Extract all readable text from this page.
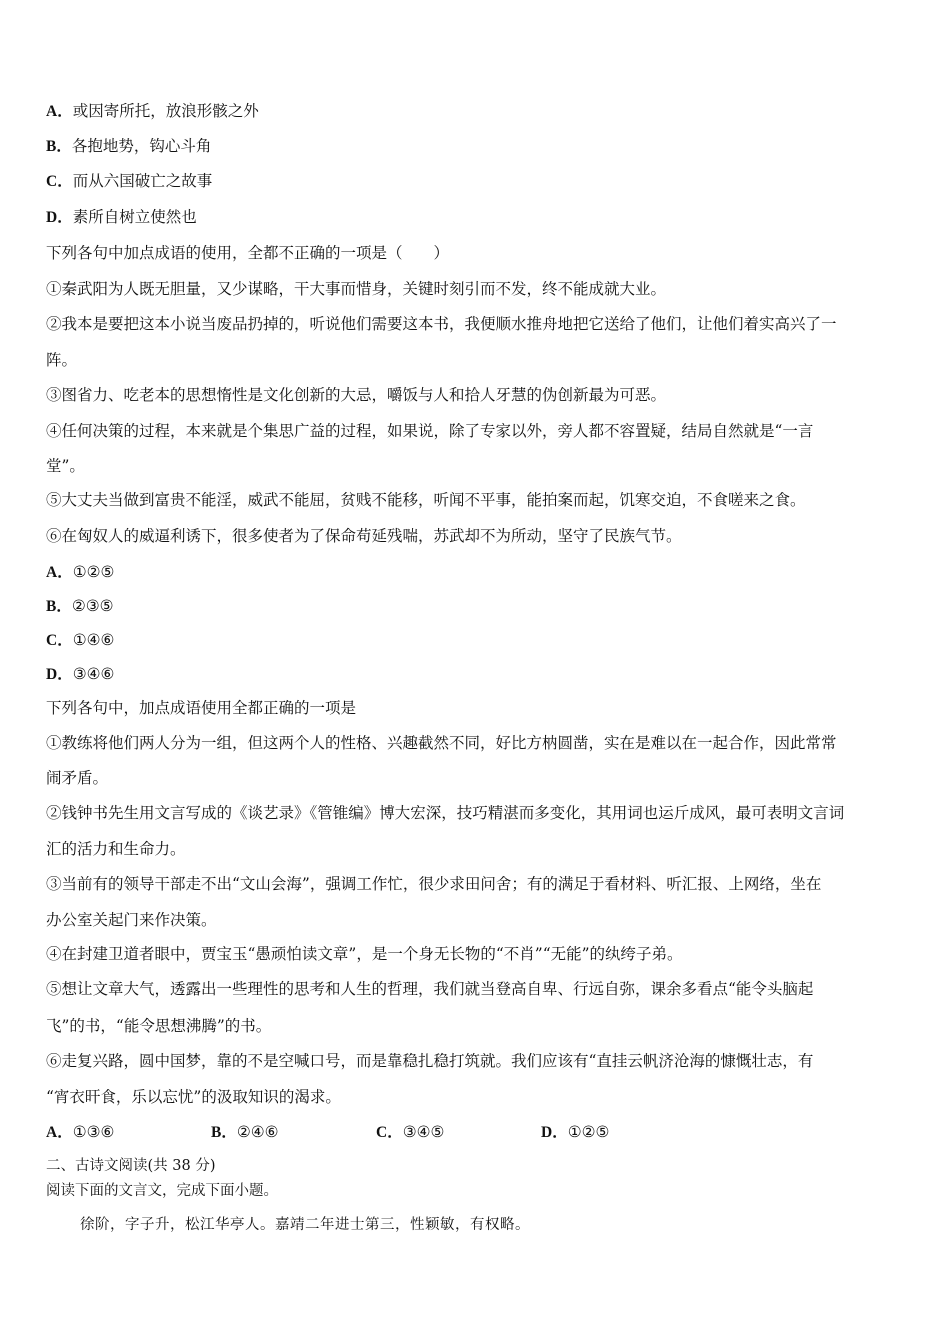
A．或因寄所托，放浪形骸之外
B．各抱地势，钩心斗角
C．而从六国破亡之故事
D．素所自树立使然也
下列各句中加点成语的使用，全都不正确的一项是（　　）
①秦武阳为人既无胆量，又少谋略，干大事而惜身，关键时刻引而不发，终不能成就大业。
②我本是要把这本小说当废品扔掉的，听说他们需要这本书，我便顺水推舟地把它送给了他们，让他们着实高兴了一
阵。
③图省力、吃老本的思想惰性是文化创新的大忌，嚼饭与人和拾人牙慧的伪创新最为可恶。
④任何决策的过程，本来就是个集思广益的过程，如果说，除了专家以外，旁人都不容置疑，结局自然就是“一言
堂”。
⑤大丈夫当做到富贵不能淫，威武不能屈，贫贱不能移，听闻不平事，能拍案而起，饥寒交迫，不食嗟来之食。
⑥在匈奴人的威逼利诱下，很多使者为了保命苟延残喘，苏武却不为所动，坚守了民族气节。
A．①②⑤
B．②③⑤
C．①④⑥
D．③④⑥
下列各句中，加点成语使用全都正确的一项是
①教练将他们两人分为一组，但这两个人的性格、兴趣截然不同，好比方枘圆凿，实在是难以在一起合作，因此常常
闹矛盾。
②钱钟书先生用文言写成的《谈艺录》《管锥编》博大宏深，技巧精湛而多变化，其用词也运斤成风，最可表明文言词
汇的活力和生命力。
③当前有的领导干部走不出“文山会海”，强调工作忙，很少求田问舍；有的满足于看材料、听汇报、上网络，坐在
办公室关起门来作决策。
④在封建卫道者眼中，贾宝玉“愚顽怕读文章”，是一个身无长物的“不肖”“无能”的纨绔子弟。
⑤想让文章大气，透露出一些理性的思考和人生的哲理，我们就当登高自卑、行远自弥，课余多看点“能令头脑起
飞”的书，“能令思想沸腾”的书。
⑥走复兴路，圆中国梦，靠的不是空喊口号，而是靠稳扎稳打筑就。我们应该有“直挂云帆济沧海的慷慨壮志，有
“宵衣旰食，乐以忘忧”的汲取知识的渴求。
A．①③⑥	B．②④⑥	C．③④⑤	D．①②⑤
二、古诗文阅读(共 38 分)
阅读下面的文言文，完成下面小题。
徐阶，字子升，松江华亭人。嘉靖二年进士第三，性颖敏，有权略。
